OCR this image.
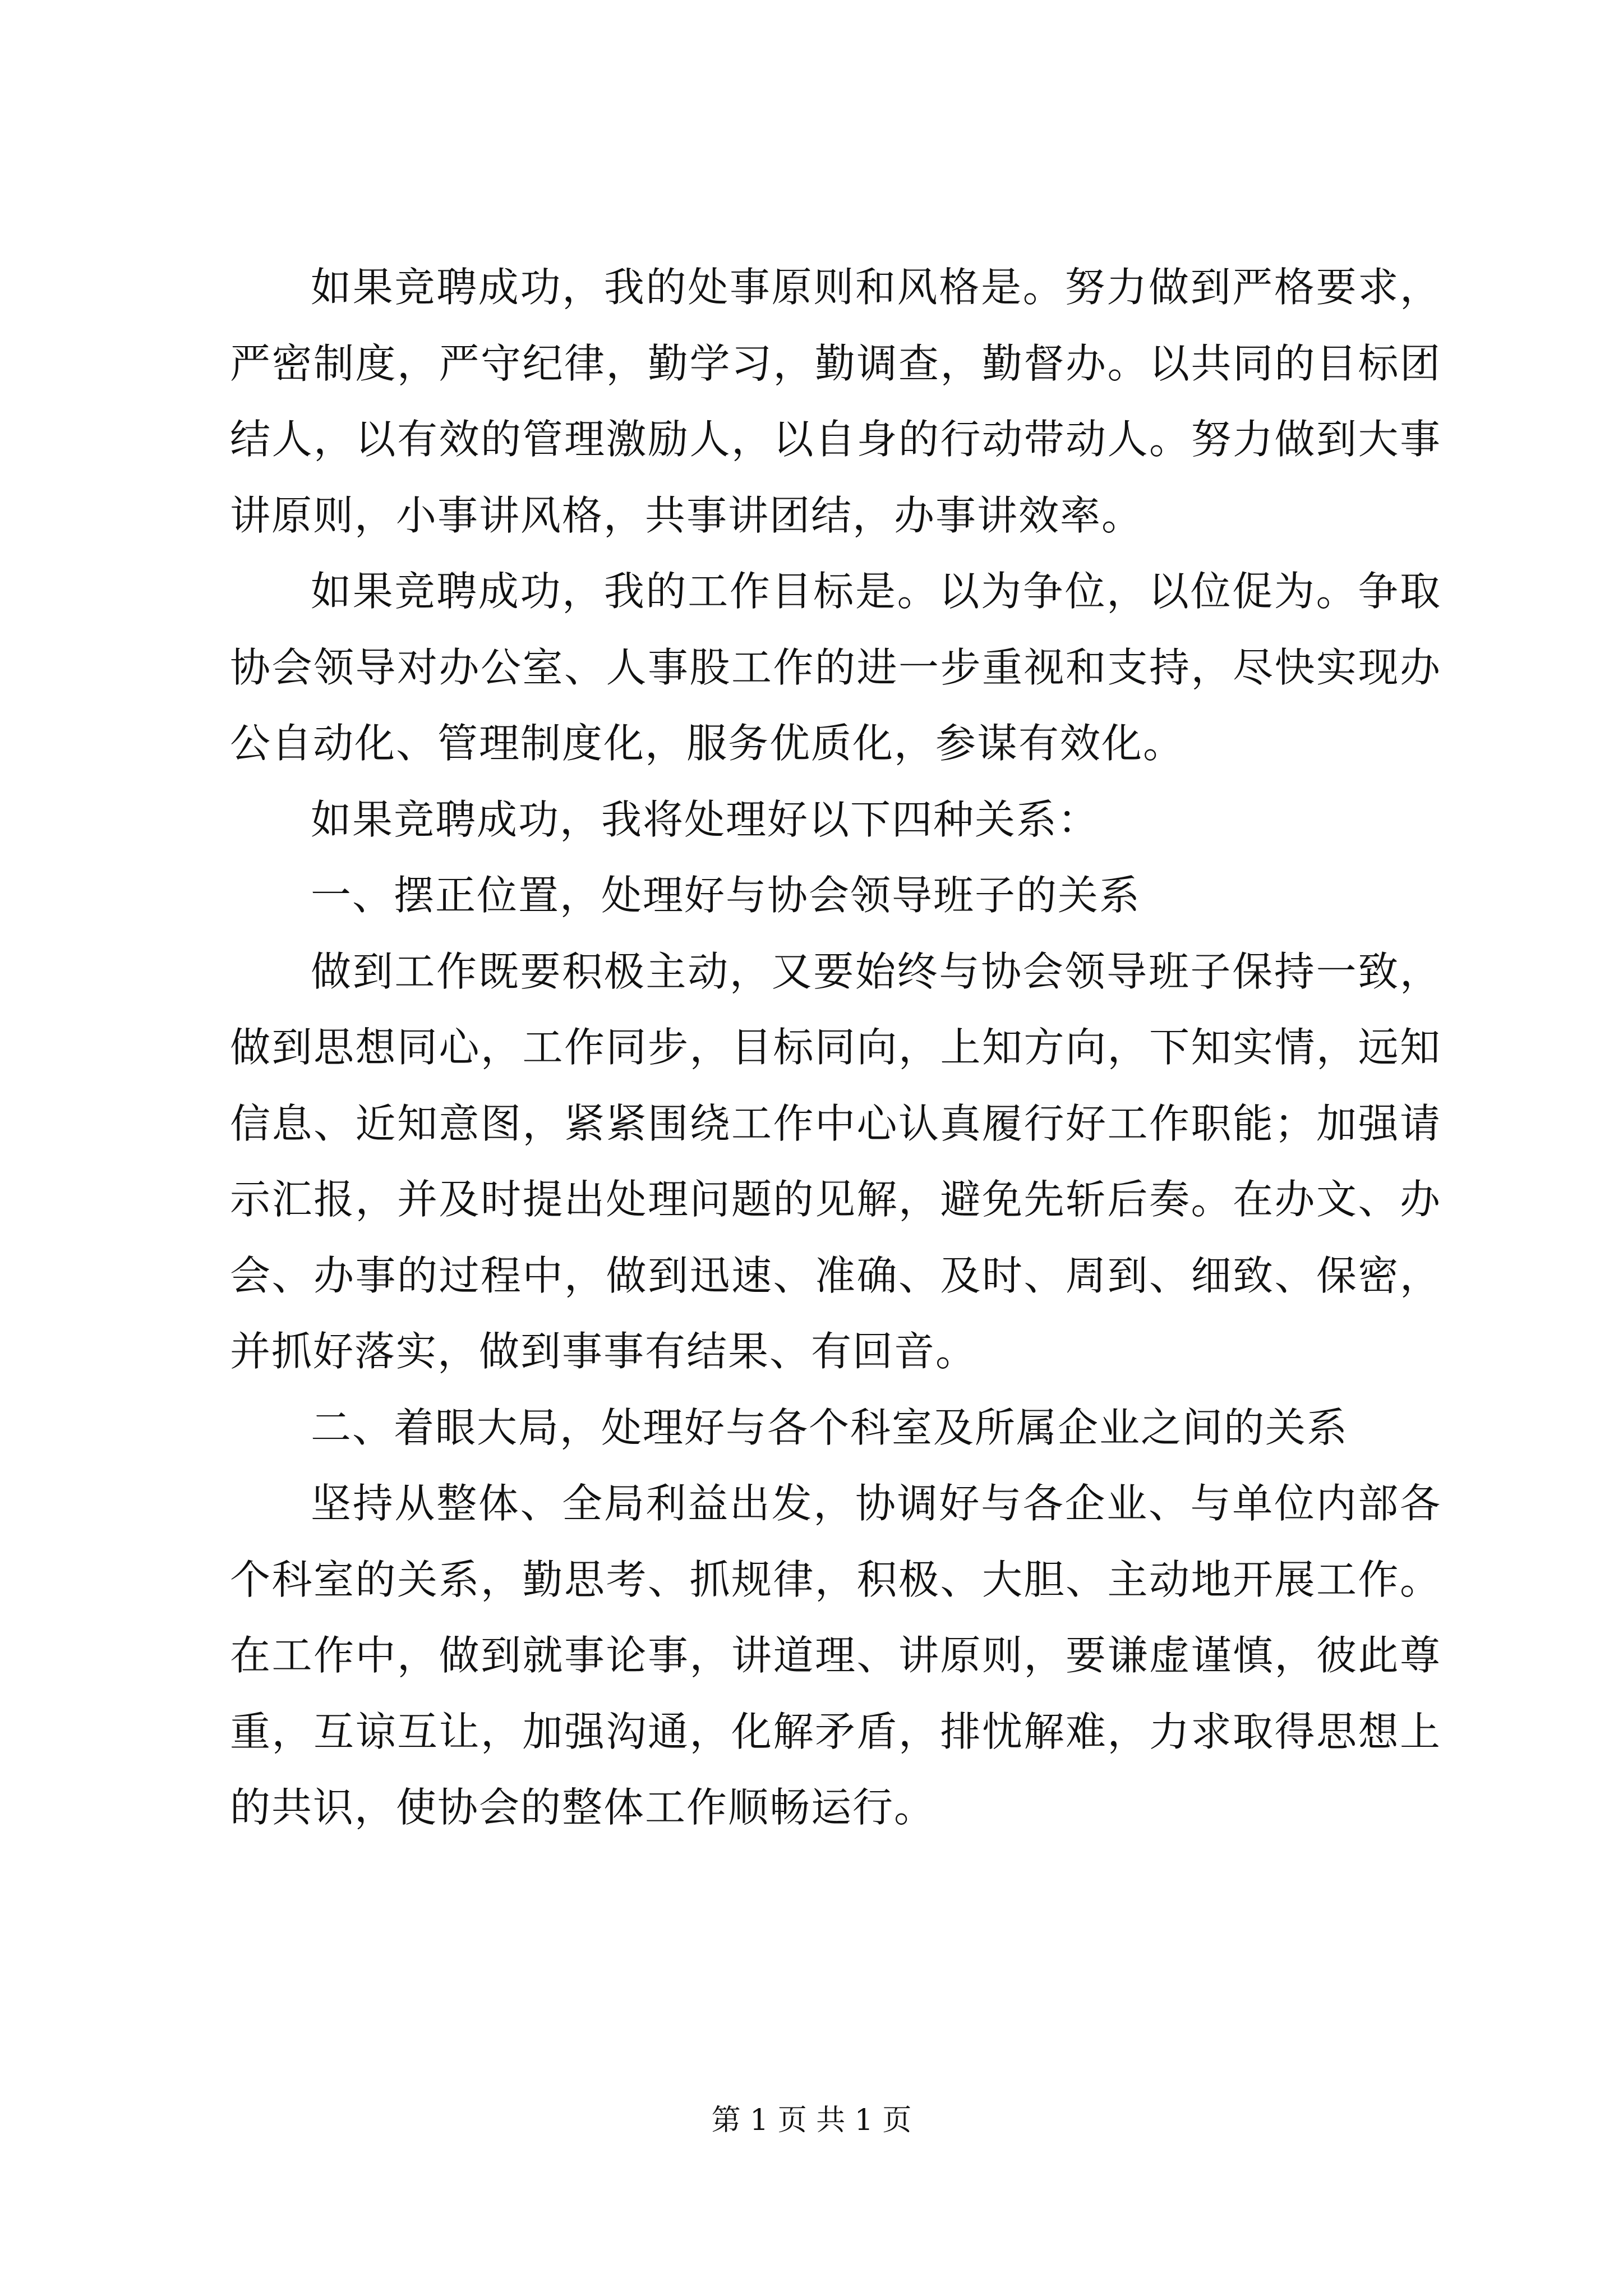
如果竞聘成功，我的处事原则和风格是。努力做到严格要求，严密制度，严守纪律，勤学习，勤调查，勤督办。以共同的目标团结人，以有效的管理激励人，以自身的行动带动人。努力做到大事讲原则，小事讲风格，共事讲团结，办事讲效率。

如果竞聘成功，我的工作目标是。以为争位，以位促为。争取协会领导对办公室、人事股工作的进一步重视和支持，尽快实现办公自动化、管理制度化，服务优质化，参谋有效化。

如果竞聘成功，我将处理好以下四种关系：

一、摆正位置，处理好与协会领导班子的关系

做到工作既要积极主动，又要始终与协会领导班子保持一致，做到思想同心，工作同步，目标同向，上知方向，下知实情，远知信息、近知意图，紧紧围绕工作中心认真履行好工作职能；加强请示汇报，并及时提出处理问题的见解，避免先斩后奏。在办文、办会、办事的过程中，做到迅速、准确、及时、周到、细致、保密，并抓好落实，做到事事有结果、有回音。

二、着眼大局，处理好与各个科室及所属企业之间的关系

坚持从整体、全局利益出发，协调好与各企业、与单位内部各个科室的关系，勤思考、抓规律，积极、大胆、主动地开展工作。在工作中，做到就事论事，讲道理、讲原则，要谦虚谨慎，彼此尊重，互谅互让，加强沟通，化解矛盾，排忧解难，力求取得思想上的共识，使协会的整体工作顺畅运行。

第 1 页 共 1 页
